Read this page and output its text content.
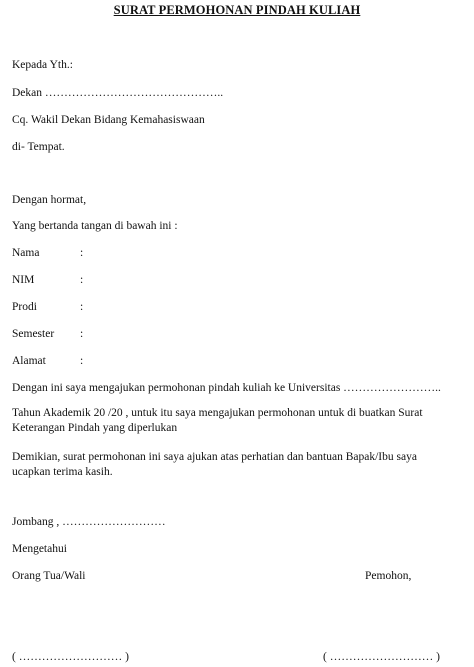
SURAT PERMOHONAN PINDAH KULIAH
Kepada Yth.:
Dekan ………………………………………..
Cq. Wakil Dekan Bidang Kemahasiswaan
di- Tempat.
Dengan hormat,
Yang bertanda tangan di bawah ini :
Nama	:
NIM	:
Prodi	:
Semester :
Alamat	:
Dengan ini saya mengajukan permohonan pindah kuliah ke Universitas ……………………..
Tahun Akademik 20 /20 , untuk itu saya mengajukan permohonan untuk di buatkan Surat Keterangan Pindah yang diperlukan
Demikian, surat permohonan ini saya ajukan atas perhatian dan bantuan Bapak/Ibu saya ucapkan terima kasih.
Jombang , ………………………
Mengetahui
Orang Tua/Wali	Pemohon,
( ……………………… )	( ……………………… )
